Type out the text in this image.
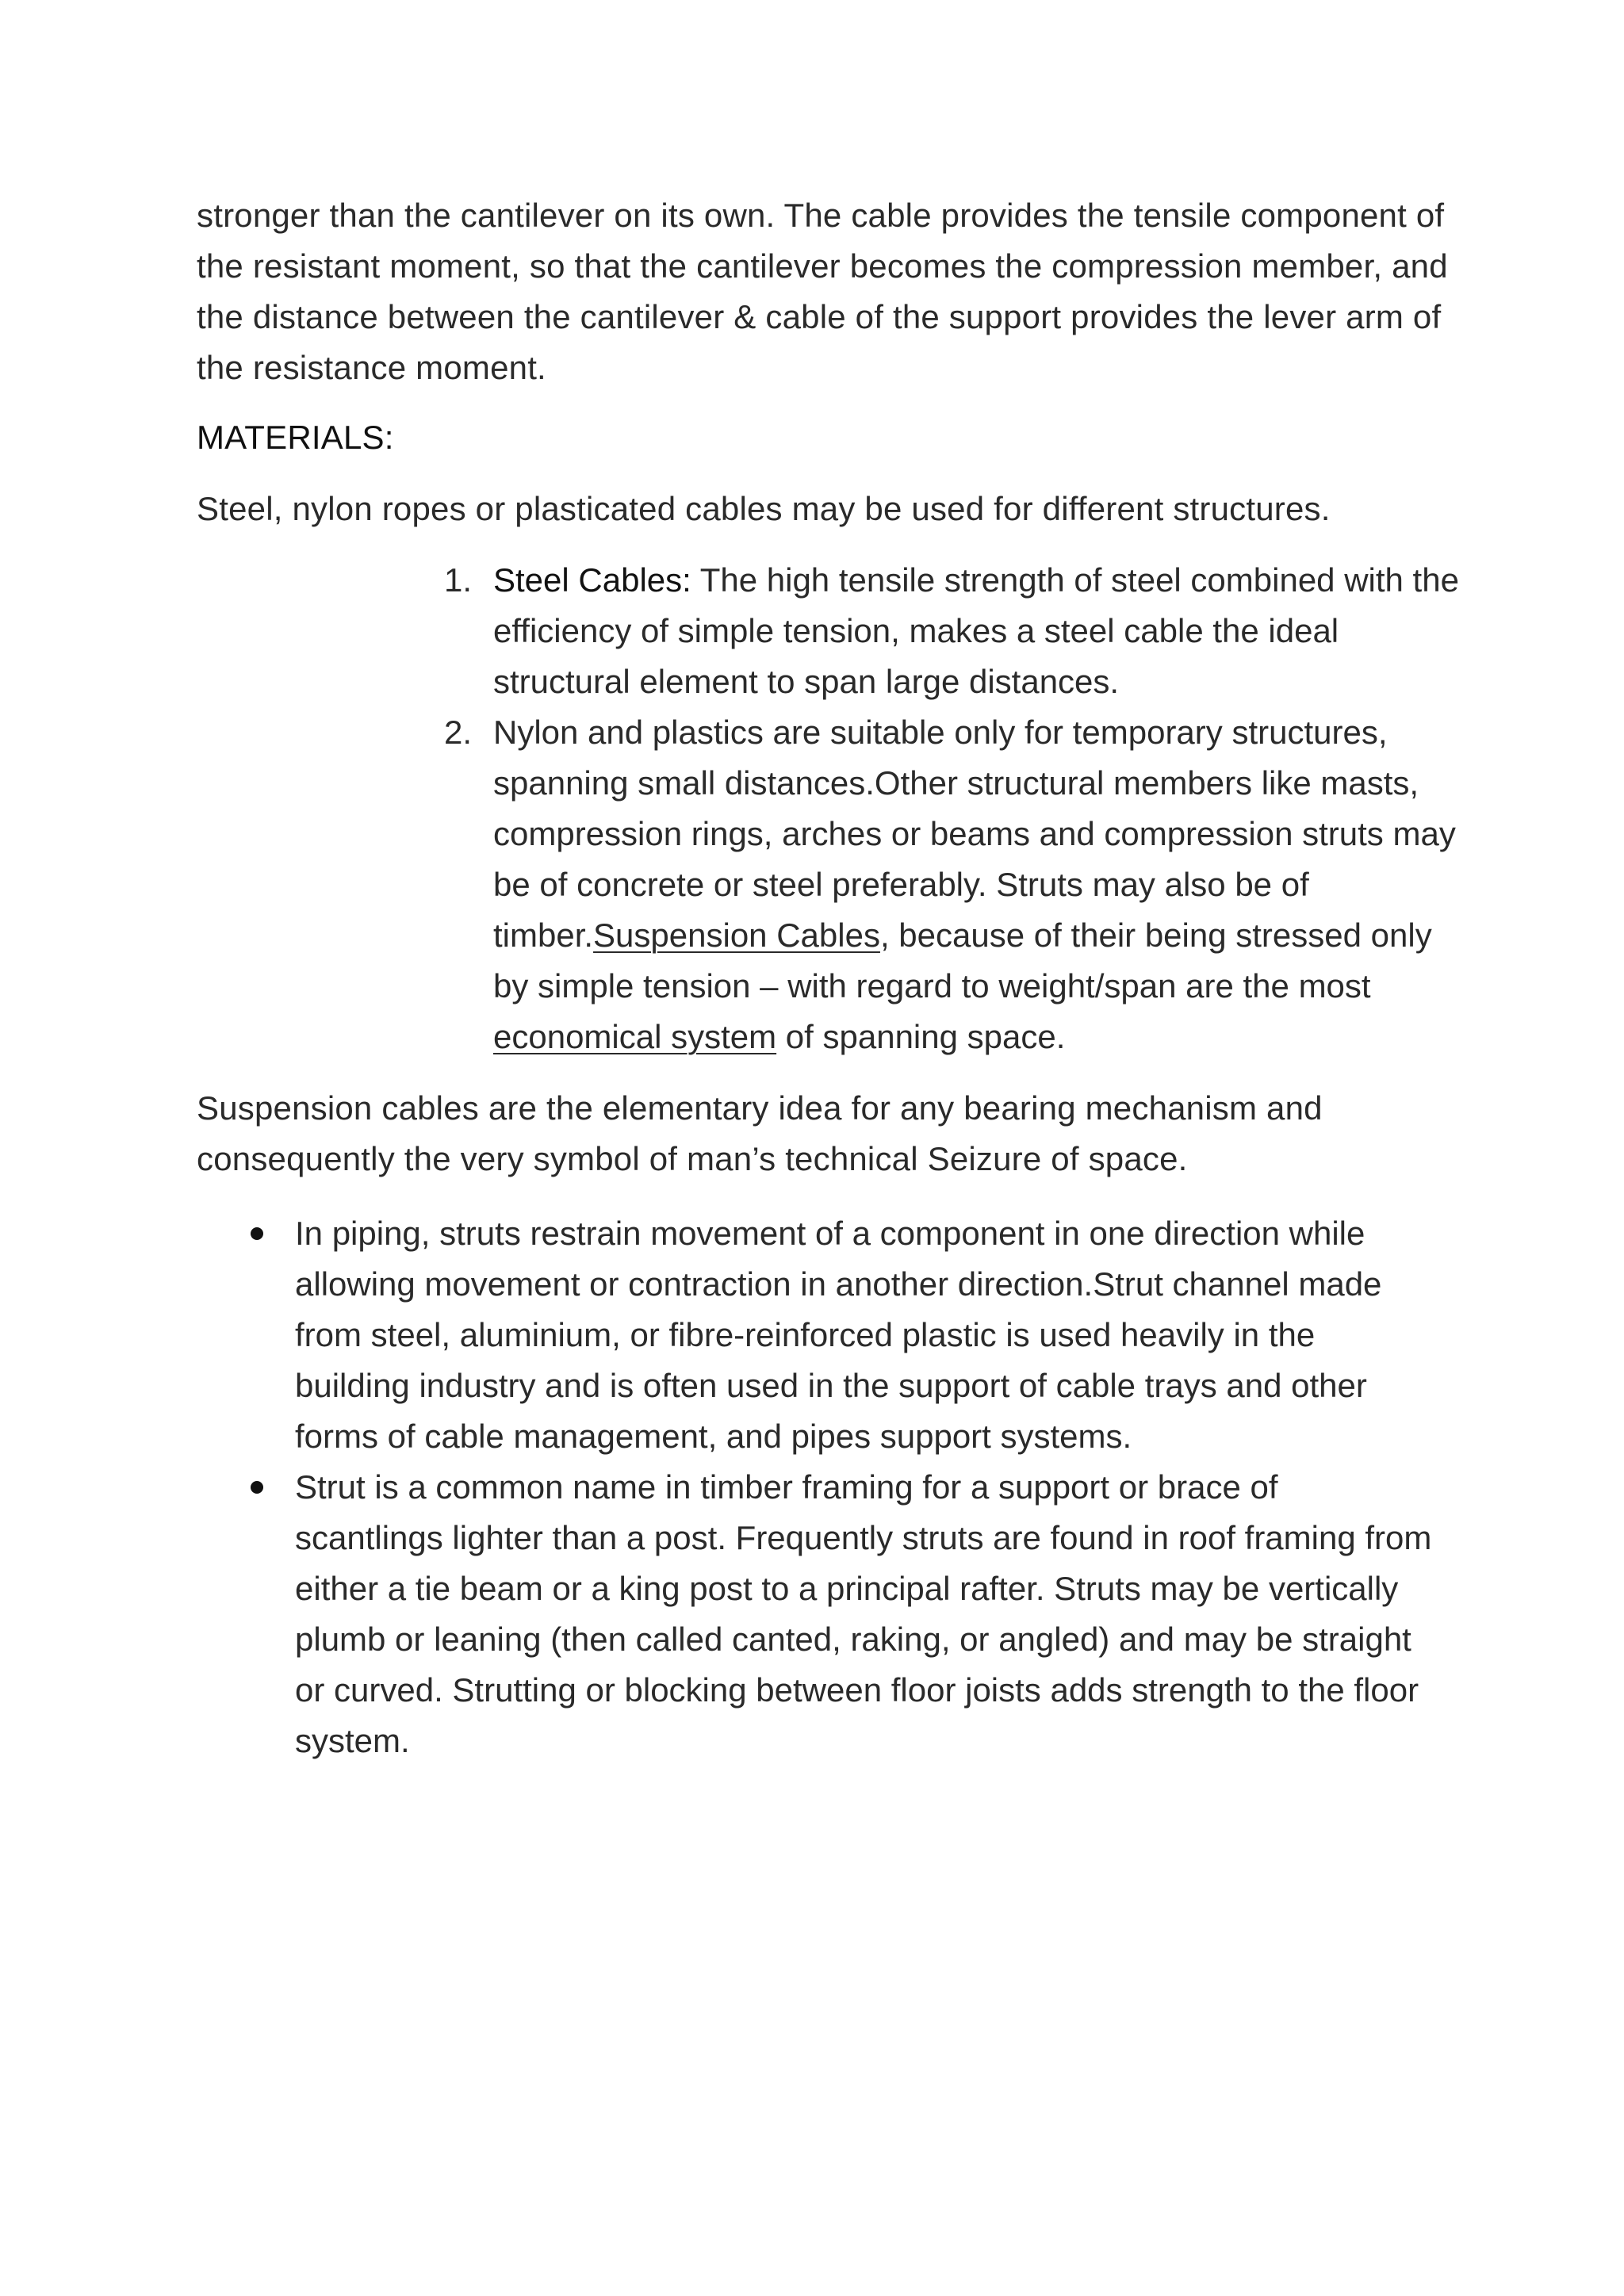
stronger than the cantilever on its own. The cable provides the tensile component of the resistant moment, so that the cantilever becomes the compression member, and the distance between the cantilever & cable of the support provides the lever arm of the resistance moment.

MATERIALS:

Steel, nylon ropes or plasticated cables may be used for different structures.

1. Steel Cables: The high tensile strength of steel combined with the efficiency of simple tension, makes a steel cable the ideal structural element to span large distances.
2. Nylon and plastics are suitable only for temporary structures, spanning small distances.Other structural members like masts, compression rings, arches or beams and compression struts may be of concrete or steel preferably. Struts may also be of timber.Suspension Cables, because of their being stressed only by simple tension – with regard to weight/span are the most economical system of spanning space.

Suspension cables are the elementary idea for any bearing mechanism and consequently the very symbol of man’s technical Seizure of space.

In piping, struts restrain movement of a component in one direction while allowing movement or contraction in another direction.Strut channel made from steel, aluminium, or fibre-reinforced plastic is used heavily in the building industry and is often used in the support of cable trays and other forms of cable management, and pipes support systems.
Strut is a common name in timber framing for a support or brace of scantlings lighter than a post. Frequently struts are found in roof framing from either a tie beam or a king post to a principal rafter. Struts may be vertically plumb or leaning (then called canted, raking, or angled) and may be straight or curved. Strutting or blocking between floor joists adds strength to the floor system.
